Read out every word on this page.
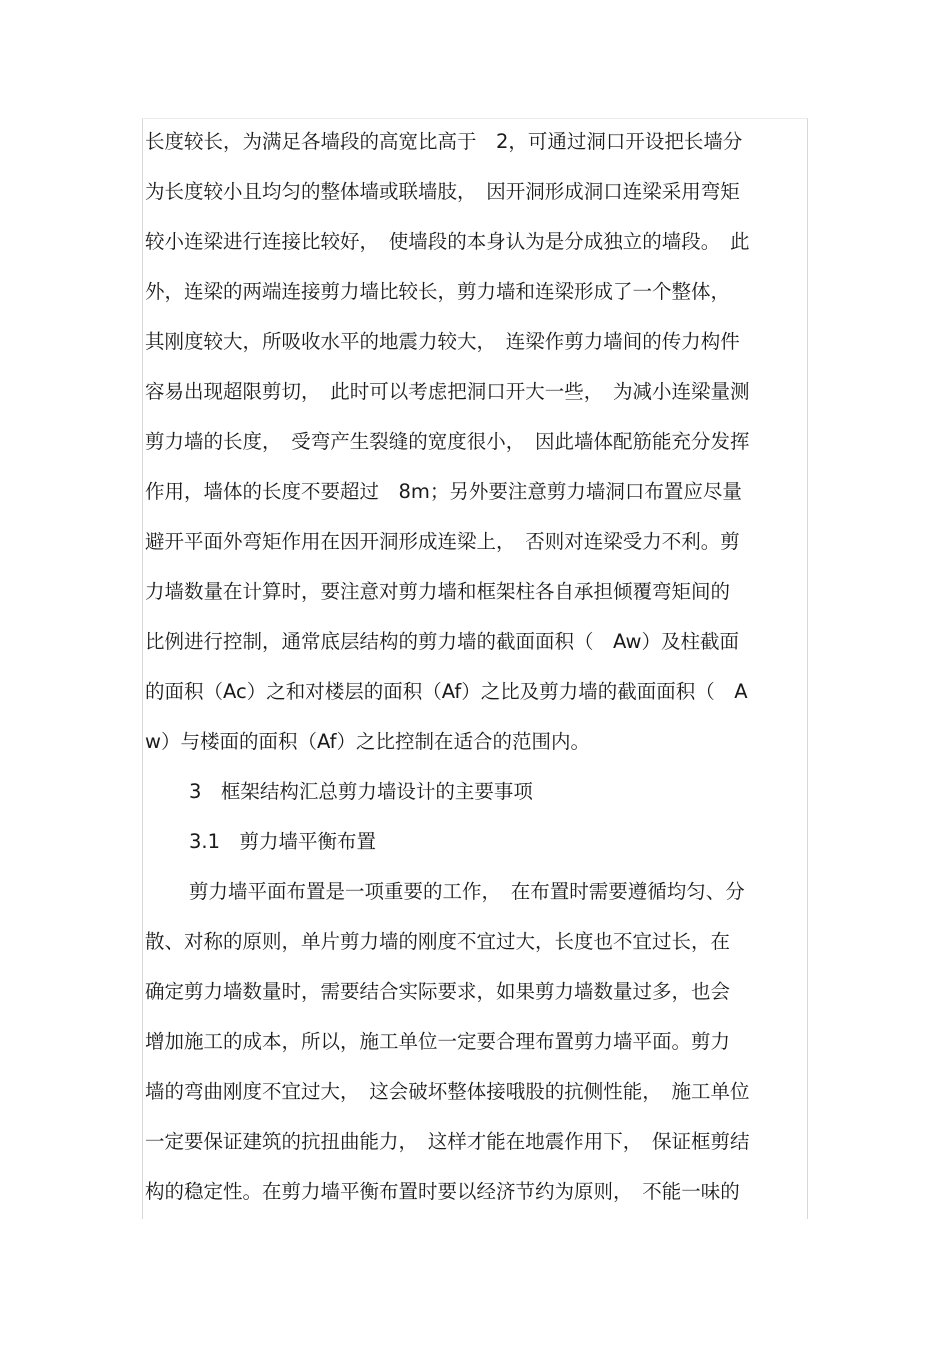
长度较长，为满足各墙段的高宽比高于　2，可通过洞口开设把长墙分
为长度较小且均匀的整体墙或联墙肢，　因开洞形成洞口连梁采用弯矩
较小连梁进行连接比较好，　使墙段的本身认为是分成独立的墙段。　此
外，连梁的两端连接剪力墙比较长，剪力墙和连梁形成了一个整体，
其刚度较大，所吸收水平的地震力较大，　连梁作剪力墙间的传力构件
容易出现超限剪切，　此时可以考虑把洞口开大一些，　为减小连梁量测
剪力墙的长度，　受弯产生裂缝的宽度很小，　因此墙体配筋能充分发挥
作用，墙体的长度不要超过　8m；另外要注意剪力墙洞口布置应尽量
避开平面外弯矩作用在因开洞形成连梁上，　否则对连梁受力不利。剪
力墙数量在计算时，要注意对剪力墙和框架柱各自承担倾覆弯矩间的
比例进行控制，通常底层结构的剪力墙的截面面积（　Aw）及柱截面
的面积（Ac）之和对楼层的面积（Af）之比及剪力墙的截面面积（　A
w）与楼面的面积（Af）之比控制在适合的范围内。
3　框架结构汇总剪力墙设计的主要事项
3.1　剪力墙平衡布置
剪力墙平面布置是一项重要的工作，　在布置时需要遵循均匀、分
散、对称的原则，单片剪力墙的刚度不宜过大，长度也不宜过长，在
确定剪力墙数量时，需要结合实际要求，如果剪力墙数量过多，也会
增加施工的成本，所以，施工单位一定要合理布置剪力墙平面。剪力
墙的弯曲刚度不宜过大，　这会破坏整体接哦股的抗侧性能，　施工单位
一定要保证建筑的抗扭曲能力，　这样才能在地震作用下，　保证框剪结
构的稳定性。在剪力墙平衡布置时要以经济节约为原则，　不能一味的
